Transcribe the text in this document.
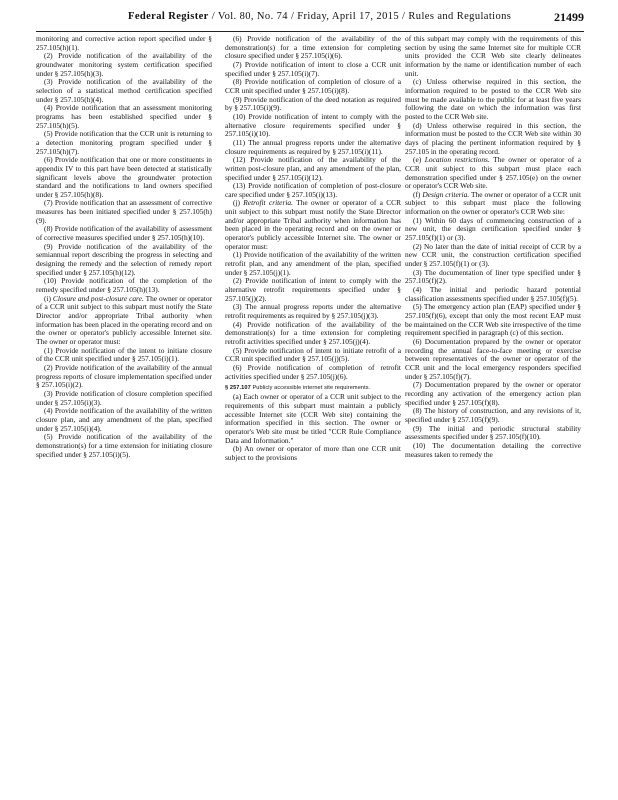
Federal Register / Vol. 80, No. 74 / Friday, April 17, 2015 / Rules and Regulations	21499

monitoring and corrective action report specified under § 257.105(h)(1).

(2) Provide notification of the availability of the groundwater monitoring system certification specified under § 257.105(h)(3).

(3) Provide notification of the availability of the selection of a statistical method certification specified under § 257.105(h)(4).

(4) Provide notification that an assessment monitoring programs has been established specified under § 257.105(h)(5).

(5) Provide notification that the CCR unit is returning to a detection monitoring program specified under § 257.105(h)(7).

(6) Provide notification that one or more constituents in appendix IV to this part have been detected at statistically significant levels above the groundwater protection standard and the notifications to land owners specified under § 257.105(h)(8).

(7) Provide notification that an assessment of corrective measures has been initiated specified under § 257.105(h)(9).

(8) Provide notification of the availability of assessment of corrective measures specified under § 257.105(h)(10).

(9) Provide notification of the availability of the semiannual report describing the progress in selecting and designing the remedy and the selection of remedy report specified under § 257.105(h)(12).

(10) Provide notification of the completion of the remedy specified under § 257.105(h)(13).

(i) Closure and post-closure care. The owner or operator of a CCR unit subject to this subpart must notify the State Director and/or appropriate Tribal authority when information has been placed in the operating record and on the owner or operator's publicly accessible Internet site. The owner or operator must:

(1) Provide notification of the intent to initiate closure of the CCR unit specified under § 257.105(i)(1).

(2) Provide notification of the availability of the annual progress reports of closure implementation specified under § 257.105(i)(2).

(3) Provide notification of closure completion specified under § 257.105(i)(3).

(4) Provide notification of the availability of the written closure plan, and any amendment of the plan, specified under § 257.105(i)(4).

(5) Provide notification of the availability of the demonstration(s) for a time extension for initiating closure specified under § 257.105(i)(5).

(6) Provide notification of the availability of the demonstration(s) for a time extension for completing closure specified under § 257.105(i)(6).

(7) Provide notification of intent to close a CCR unit specified under § 257.105(i)(7).

(8) Provide notification of completion of closure of a CCR unit specified under § 257.105(i)(8).

(9) Provide notification of the deed notation as required by § 257.105(i)(9).

(10) Provide notification of intent to comply with the alternative closure requirements specified under § 257.105(i)(10).

(11) The annual progress reports under the alternative closure requirements as required by § 257.105(i)(11).

(12) Provide notification of the availability of the written post-closure plan, and any amendment of the plan, specified under § 257.105(i)(12).

(13) Provide notification of completion of post-closure care specified under § 257.105(i)(13).

(j) Retrofit criteria. The owner or operator of a CCR unit subject to this subpart must notify the State Director and/or appropriate Tribal authority when information has been placed in the operating record and on the owner or operator's publicly accessible Internet site. The owner or operator must:

(1) Provide notification of the availability of the written retrofit plan, and any amendment of the plan, specified under § 257.105(j)(1).

(2) Provide notification of intent to comply with the alternative retrofit requirements specified under § 257.105(j)(2).

(3) The annual progress reports under the alternative retrofit requirements as required by § 257.105(j)(3).

(4) Provide notification of the availability of the demonstration(s) for a time extension for completing retrofit activities specified under § 257.105(j)(4).

(5) Provide notification of intent to initiate retrofit of a CCR unit specified under § 257.105(j)(5).

(6) Provide notification of completion of retrofit activities specified under § 257.105(j)(6).

§ 257.107 Publicly accessible internet site requirements.

(a) Each owner or operator of a CCR unit subject to the requirements of this subpart must maintain a publicly accessible Internet site (CCR Web site) containing the information specified in this section. The owner or operator's Web site must be titled "CCR Rule Compliance Data and Information."

(b) An owner or operator of more than one CCR unit subject to the provisions

of this subpart may comply with the requirements of this section by using the same Internet site for multiple CCR units provided the CCR Web site clearly delineates information by the name or identification number of each unit.

(c) Unless otherwise required in this section, the information required to be posted to the CCR Web site must be made available to the public for at least five years following the date on which the information was first posted to the CCR Web site.

(d) Unless otherwise required in this section, the information must be posted to the CCR Web site within 30 days of placing the pertinent information required by § 257.105 in the operating record.

(e) Location restrictions. The owner or operator of a CCR unit subject to this subpart must place each demonstration specified under § 257.105(e) on the owner or operator's CCR Web site.

(f) Design criteria. The owner or operator of a CCR unit subject to this subpart must place the following information on the owner or operator's CCR Web site:

(1) Within 60 days of commencing construction of a new unit, the design certification specified under § 257.105(f)(1) or (3).

(2) No later than the date of initial receipt of CCR by a new CCR unit, the construction certification specified under § 257.105(f)(1) or (3).

(3) The documentation of liner type specified under § 257.105(f)(2).

(4) The initial and periodic hazard potential classification assessments specified under § 257.105(f)(5).

(5) The emergency action plan (EAP) specified under § 257.105(f)(6), except that only the most recent EAP must be maintained on the CCR Web site irrespective of the time requirement specified in paragraph (c) of this section.

(6) Documentation prepared by the owner or operator recording the annual face-to-face meeting or exercise between representatives of the owner or operator of the CCR unit and the local emergency responders specified under § 257.105(f)(7).

(7) Documentation prepared by the owner or operator recording any activation of the emergency action plan specified under § 257.105(f)(8).

(8) The history of construction, and any revisions of it, specified under § 257.105(f)(9).

(9) The initial and periodic structural stability assessments specified under § 257.105(f)(10).

(10) The documentation detailing the corrective measures taken to remedy the
